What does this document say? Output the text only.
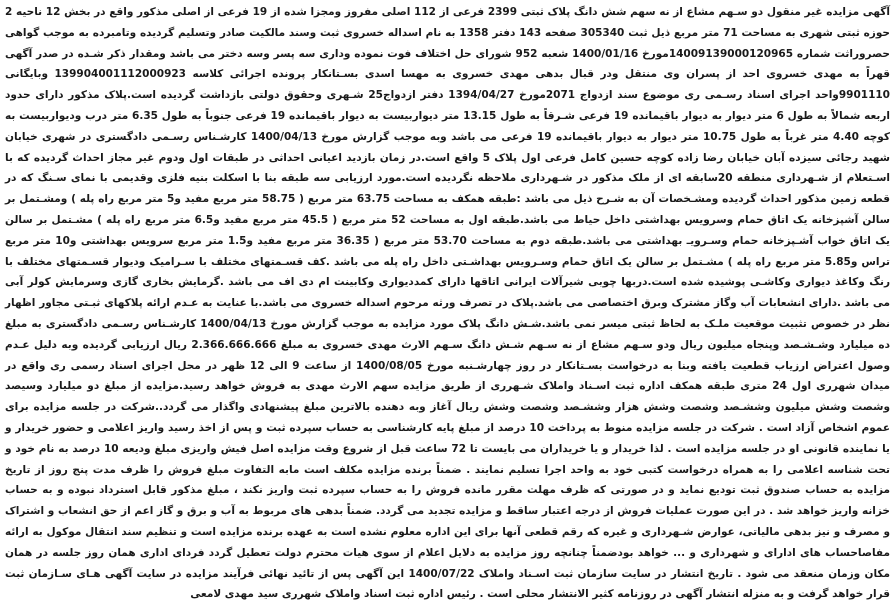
آگهی مزایده غیر منقول دو سـهم مشاع از نه سهم شش دانگ پلاک ثبتی 2399 فرعی از 112 اصلی مفروز ومجزا شده از 19 فرعی از اصلی مذکور واقع در بخش 12 ناحیه 2 حوزه ثبتی شهری به مساحت 71 متر مربع ذیل ثبت 305340 صفحه 143 دفتر 1358 به نام اسداله خسروی ثبت وسند مالکیت صادر وتسلیم گردیده وتامبرده به موجب گواهی حصروراثت شماره 14009139000120965مورخ 1400/01/16 شعبه 952 شورای حل اختلاف فوت نموده وداری سه پسر وسه دختر می باشد ومقدار ذکر شـده در صدر آگهی قهراً به مهدی خسروی احد از پسران وی منتقل ودر قبال بدهی مهدی خسروی به مهسا اسدی بسـتانکار پرونده اجرائی کلاسه 139904001112000923 وبایگانی 9901110واحد اجرای اسناد رسـمی ری موضوع سند ازدواج 2071مورخ 1394/04/27 دفتر ازدواج25 شـهری وحقوق دولتی بازداشت گردیده است.پلاک مذکور دارای حدود اربعه شمالاً به طول 6 متر دیوار به دیوار باقیمانده 19 فرعی شـرقاً به طول 13.15 متر دیواربیست به دیوار باقیمانده 19 فرعی جنوباً به طول 6.35 متر درب وديواربيست به كوچه 4.40 متر غرباً به طول 10.75 متر دیوار به دیوار باقیمانده 19 فرعی می باشد وبه موجب گزارش مورخ 1400/04/13 کارشـناس رسـمی دادگستری در شهری خیابان شهید رجائی سیزده آبان خیابان رضا زاده کوچه حسین کامل فرعی اول پلاک 5 واقع است.در زمان بازدید اعیانی احداثی در طبقات اول ودوم غیر مجاز احداث گردیده که با اسـتعلام از شـهرداری منطقه 20سابقه ای از ملک مذکور در شـهرداری ملاحظه نگردیده است.مورد ارزیابی سه طبقه بنا با اسکلت بنیه فلزی وقدیمی با نمای سـنگ که در قطعه زمین مذکور احداث گردیده ومشـخصات آن به شـرح ذیل می باشد :طبقه همکف به مساحت 63.75 متر مربع ( 58.75 متر مربع مفید و5 متر مربع راه پله ) ومشـتمل بر سالن آشپزخانه یک اتاق حمام وسرویس بهداشتی داخل حیاط می باشد.طبقه اول به مساحت 52 متر مربع ( 45.5 متر مربع مفید و6.5 متر مربع راه پله ) مشـتمل بر سالن یک اتاق خواب آشـپزخانه حمام وسـرویـ بهداشتی می باشد.طبقه دوم به مساحت 53.70 متر مربع ( 36.35 متر مربع مفید و1.5 متر مربع سرویس بهداشتی و10 متر مربع تراس و5.85 متر مربع راه پله ) مشـتمل بر سالن یک اتاق حمام وسـرویس بهداشـتی داخل راه پله می باشد .کف قسـمتهای مختلف با سـرامیک ودیوار قسـمتهای مختلف با رنگ وکاغذ دیواری وکاشـی پوشیده شده است.دربها چوبی شیرآلات ایرانی اتاقها دارای کمددیواری وکابینت ام دی اف می باشد .گرمایش بخاری گازی وسرمایش کولر آبی می باشد .دارای انشعابات آب وگاز مشترک وبرق اختصاصی می باشد.پلاک در تصرف ورثه مرحوم اسداله خسروی می باشد.با عنایت به عـدم ارائه پلاکهای ثبـتی مجاور اظهار نظر در خصوص تثبیت موقعیت ملـک به لحاظ ثبتی میسر نمی باشد.شـش دانگ پلاک مورد مزایده به موجب گزارش مورخ 1400/04/13 کارشـناس رسـمی دادگستری به مبلغ ده میلیارد وشـشـصد وپنجاه میلیون ریال ودو سـهم مشاع از نه سـهم شـش دانگ سـهم الارث مهدی خسروی به مبلغ 2.366.666.666 ریال ارزیابی گردیده وبه دلیل عـدم وصول اعتراض ارزیاب قطعیت یافته وبنا به درخواست بسـتانکار در روز چهارشـنبه مورخ 1400/08/05 از ساعت 9 الی 12 ظهر در محل اجرای اسناد رسمی ری واقع در میدان شهرری اول 24 متری طبقه همکف اداره ثبت اسـناد واملاک شـهرری از طریق مزایده سهم الارث مهدی به فروش خواهد رسید.مزایده از مبلغ دو میلیارد وسیصد وشصت وشش میلیون وششـصد وشصت وشش هزار وششـصد وشصت وشش ریال آغاز وبه دهنده بالاترین مبلغ پیشنهادی واگذار می گردد..شرکت در جلسه مزایده برای عموم اشخاص آزاد است . شرکت در جلسه مزایده منوط به پرداخت 10 درصد از مبلغ پایه کارشناسی به حساب سپرده ثبت و پس از اخذ رسید واریز اعلامی و حضور خریدار و یا نماینده قانونی او در جلسه مزایده است . لذا خریدار و یا خریداران می بایست تا 72 ساعت قبل از شروع وقت مزایده اصل فیش واریزی مبلغ ودیعه 10 درصد به نام خود و تحت شناسه اعلامی را به همراه درخواست کتبی خود به واحد اجرا تسلیم نمایند . ضمناً برنده مزایده مکلف است مابه التفاوت مبلغ فروش را ظرف مدت پنج روز از تاریخ مزایده به حساب صندوق ثبت تودیع نماید و در صورتی که ظرف مهلت مقرر مانده فروش را به حساب سپرده ثبت واریز نکند ، مبلغ مذکور قابل استرداد نبوده و به حساب خزانه واریز خواهد شد . در این صورت عملیات فروش از درجه اعتبار ساقط و مزایده تجدید می گردد. ضمناً بدهی های مربوط به آب و برق و گاز اعم از حق انشعاب و اشتراک و مصرف و نیز بدهی مالیاتی، عوارض شـهرداری و غیره که رقم قطعی آنها برای این اداره معلوم نشده است به عهده برنده مزایده است و تنظیم سند انتقال موکول به ارائه مفاصاحساب های ادارای و شهرداری و ... خواهد بودضمناً چنانچه روز مزایده به دلایل اعلام از سوی هیات محترم دولت تعطیل گردد فردای اداری همان روز جلسه در همان مکان وزمان منعقد می شود . تاریخ انتشار در سایت سازمان ثبت اسـناد واملاک 1400/07/22 این آگهی پس از تائید نهائی فرآیند مزایده در سایت آگهی هـای سـازمان ثبت قرار خواهد گرفت و به منزله انتشار آگهی در روزنامه کثیر الانتشار محلی است . رئیس اداره ثبت اسناد واملاک شهرری سید مهدی لامعی
